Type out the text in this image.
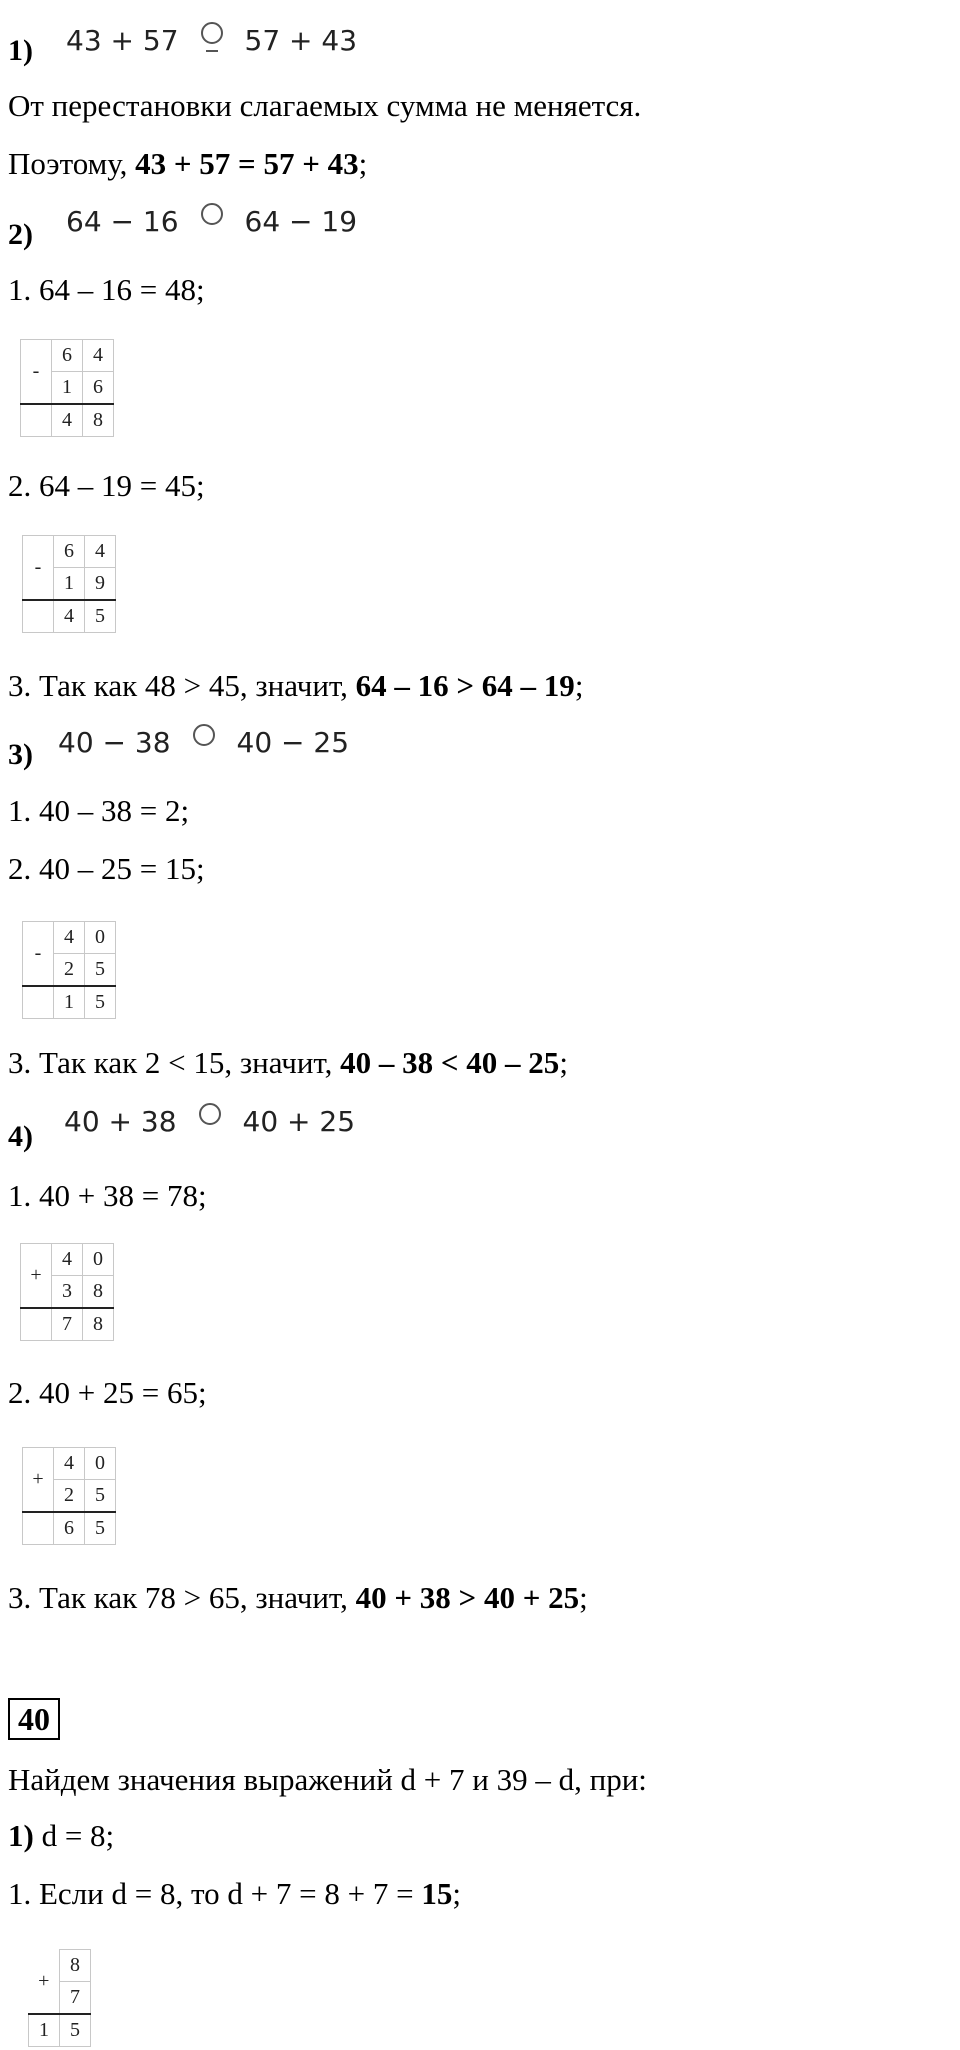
1) 43 + 57 57 + 43
От перестановки слагаемых сумма не меняется.
Поэтому, 43 + 57 = 57 + 43;
2) 64 − 16 64 − 19
1. 64 – 16 = 48;
-	6	4
	1	6
	4	8
2. 64 – 19 = 45;
-	6	4
	1	9
	4	5
3. Так как 48 > 45, значит, 64 – 16 > 64 – 19;
3) 40 − 38 40 − 25
1. 40 – 38 = 2;
2. 40 – 25 = 15;
-	4	0
	2	5
	1	5
3. Так как 2 < 15, значит, 40 – 38 < 40 – 25;
4) 40 + 38 40 + 25
1. 40 + 38 = 78;
+	4	0
	3	8
	7	8
2. 40 + 25 = 65;
+	4	0
	2	5
	6	5
3. Так как 78 > 65, значит, 40 + 38 > 40 + 25;
40
Найдем значения выражений d + 7 и 39 – d, при:
1) d = 8;
1. Если d = 8, то d + 7 = 8 + 7 = 15;
+	8
	7
1	5
